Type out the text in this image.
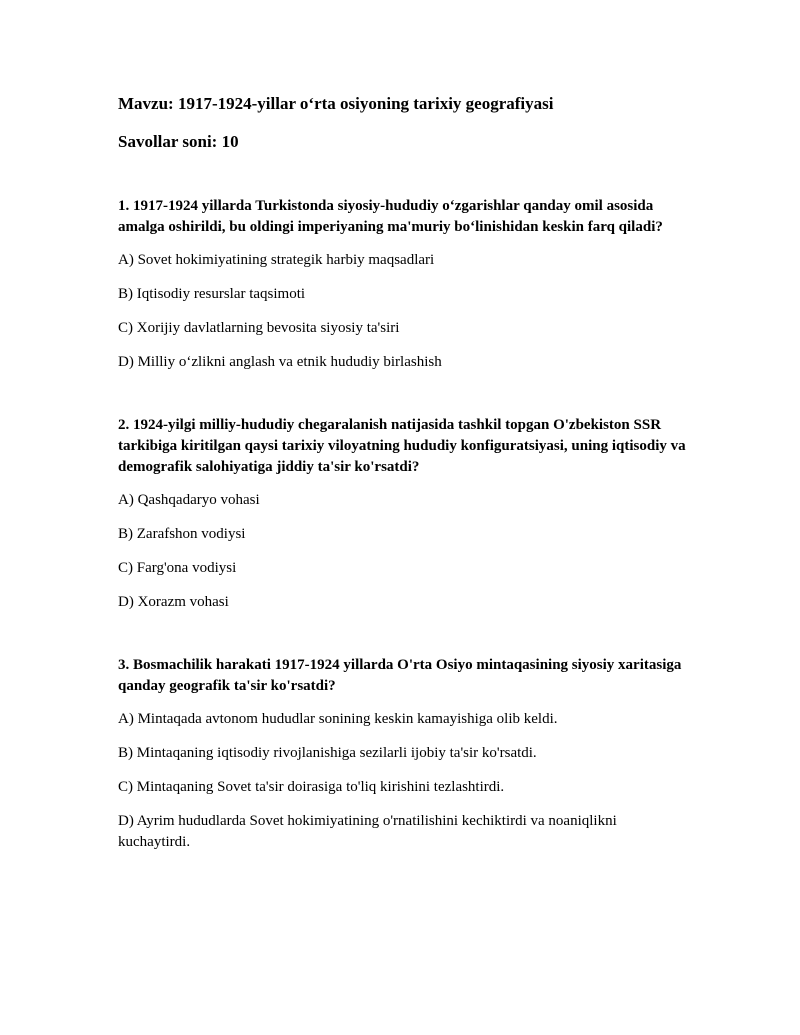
Mavzu: 1917-1924-yillar o‘rta osiyoning tarixiy geografiyasi
Savollar soni: 10

1. 1917-1924 yillarda Turkistonda siyosiy-hududiy o‘zgarishlar qanday omil asosida amalga oshirildi, bu oldingi imperiyaning ma'muriy bo‘linishidan keskin farq qiladi?

A) Sovet hokimiyatining strategik harbiy maqsadlari

B) Iqtisodiy resurslar taqsimoti

C) Xorijiy davlatlarning bevosita siyosiy ta'siri

D) Milliy o‘zlikni anglash va etnik hududiy birlashish

2. 1924-yilgi milliy-hududiy chegaralanish natijasida tashkil topgan O'zbekiston SSR tarkibiga kiritilgan qaysi tarixiy viloyatning hududiy konfiguratsiyasi, uning iqtisodiy va demografik salohiyatiga jiddiy ta'sir ko'rsatdi?

A) Qashqadaryo vohasi

B) Zarafshon vodiysi

C) Farg'ona vodiysi

D) Xorazm vohasi

3. Bosmachilik harakati 1917-1924 yillarda O'rta Osiyo mintaqasining siyosiy xaritasiga qanday geografik ta'sir ko'rsatdi?

A) Mintaqada avtonom hududlar sonining keskin kamayishiga olib keldi.

B) Mintaqaning iqtisodiy rivojlanishiga sezilarli ijobiy ta'sir ko'rsatdi.

C) Mintaqaning Sovet ta'sir doirasiga to'liq kirishini tezlashtirdi.

D) Ayrim hududlarda Sovet hokimiyatining o'rnatilishini kechiktirdi va noaniqlikni kuchaytirdi.
